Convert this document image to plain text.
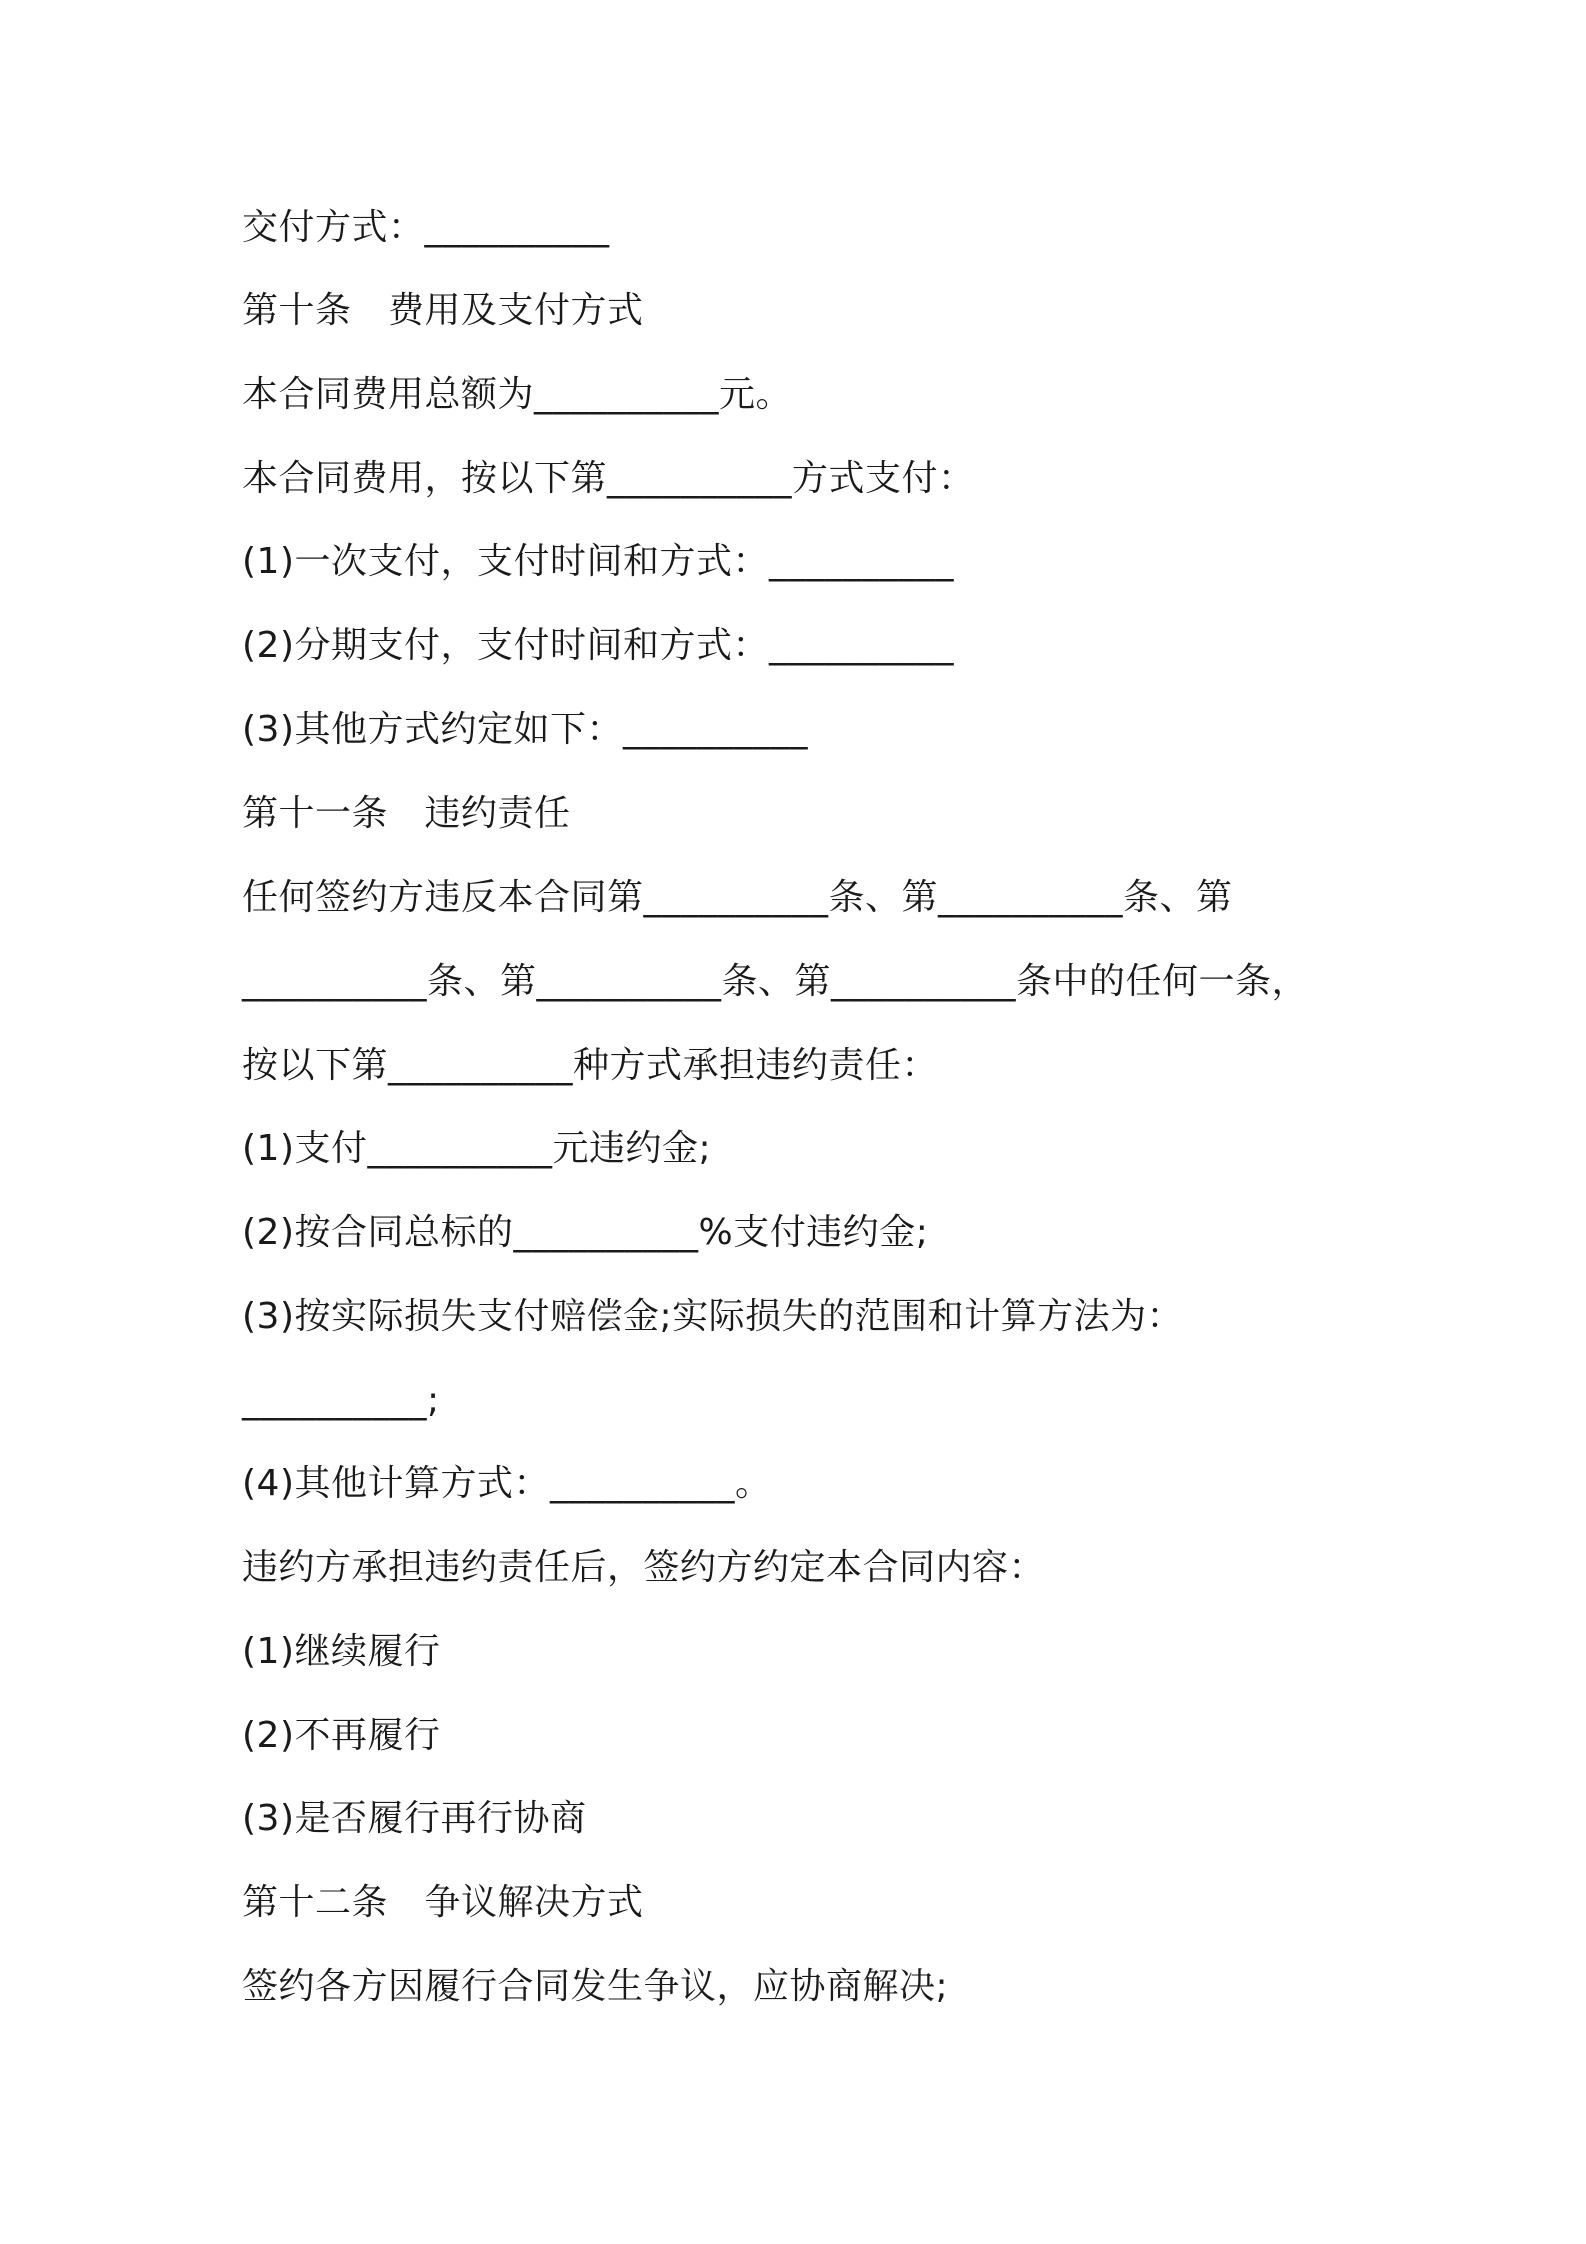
交付方式：__________
第十条　费用及支付方式
本合同费用总额为__________元。
本合同费用，按以下第__________方式支付：
(1)一次支付，支付时间和方式：__________
(2)分期支付，支付时间和方式：__________
(3)其他方式约定如下：__________
第十一条　违约责任
任何签约方违反本合同第__________条、第__________条、第
__________条、第__________条、第__________条中的任何一条，
按以下第__________种方式承担违约责任：
(1)支付__________元违约金;
(2)按合同总标的__________%支付违约金;
(3)按实际损失支付赔偿金;实际损失的范围和计算方法为：
__________;
(4)其他计算方式：__________。
违约方承担违约责任后，签约方约定本合同内容：
(1)继续履行
(2)不再履行
(3)是否履行再行协商
第十二条　争议解决方式
签约各方因履行合同发生争议，应协商解决;
